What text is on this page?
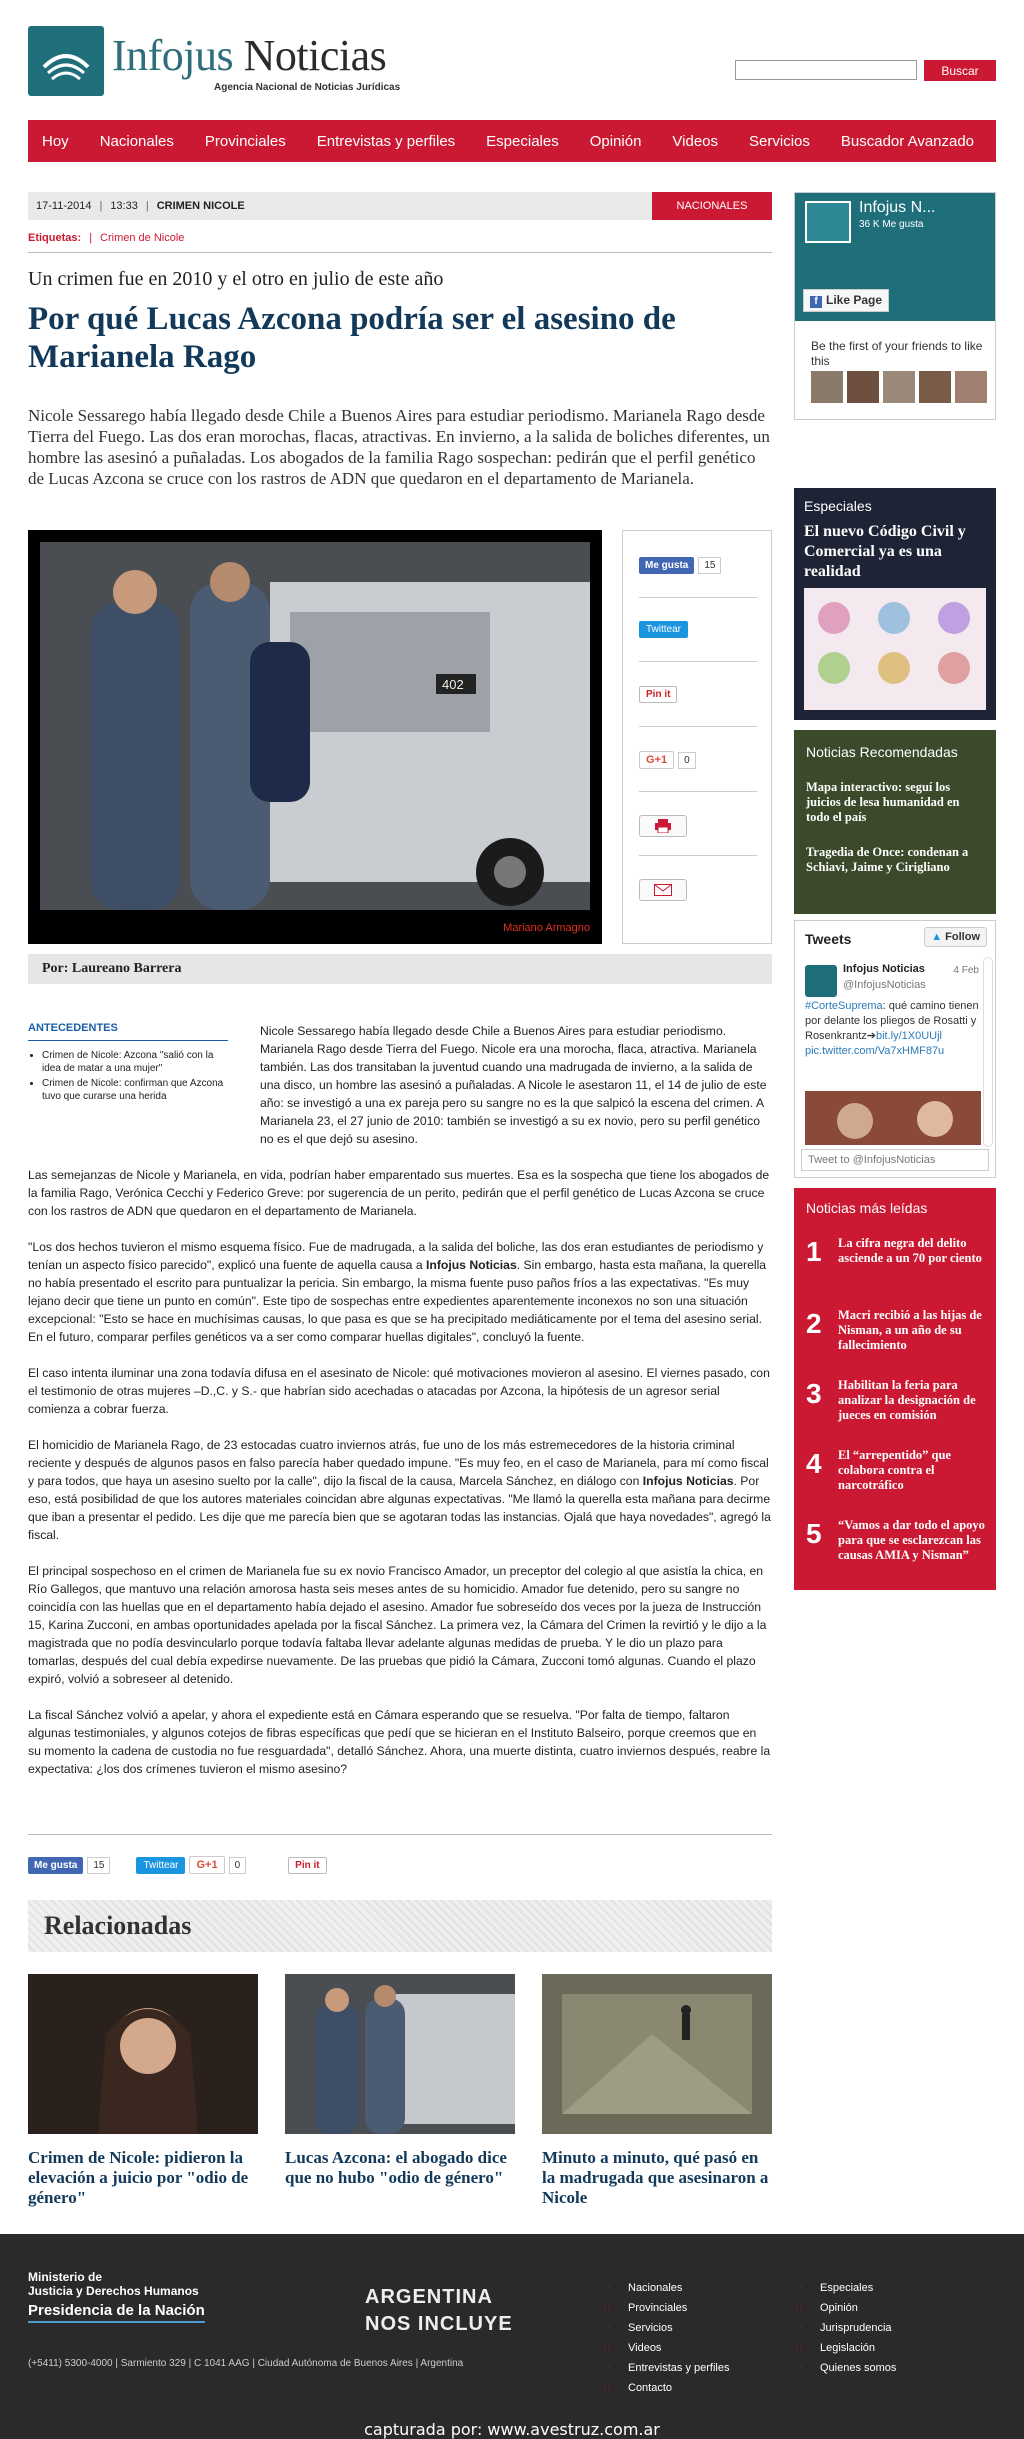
Infojus Noticias
Agencia Nacional de Noticias Jurídicas
Buscar
Hoy Nacionales Provinciales Entrevistas y perfiles Especiales Opinión Videos Servicios Buscador Avanzado
17-11-2014 | 13:33 | CRIMEN NICOLE	NACIONALES
Etiquetas: | Crimen de Nicole
Un crimen fue en 2010 y el otro en julio de este año
Por qué Lucas Azcona podría ser el asesino de Marianela Rago

Nicole Sessarego había llegado desde Chile a Buenos Aires para estudiar periodismo. Marianela Rago desde Tierra del Fuego. Las dos eran morochas, flacas, atractivas. En invierno, a la salida de boliches diferentes, un hombre las asesinó a puñaladas. Los abogados de la familia Rago sospechan: pedirán que el perfil genético de Lucas Azcona se cruce con los rastros de ADN que quedaron en el departamento de Marianela.

402
Mariano Armagno
Me gusta	15
Twittear
Pin it
G+1	0
Por: Laureano Barrera
ANTECEDENTES
• Crimen de Nicole: Azcona "salió con la idea de matar a una mujer"
• Crimen de Nicole: confirman que Azcona tuvo que curarse una herida

Nicole Sessarego había llegado desde Chile a Buenos Aires para estudiar periodismo. Marianela Rago desde Tierra del Fuego. Nicole era una morocha, flaca, atractiva. Marianela también. Las dos transitaban la juventud cuando una madrugada de invierno, a la salida de una disco, un hombre las asesinó a puñaladas. A Nicole le asestaron 11, el 14 de julio de este año: se investigó a una ex pareja pero su sangre no es la que salpicó la escena del crimen. A Marianela 23, el 27 junio de 2010: también se investigó a su ex novio, pero su perfil genético no es el que dejó su asesino.

Las semejanzas de Nicole y Marianela, en vida, podrían haber emparentado sus muertes. Esa es la sospecha que tiene los abogados de la familia Rago, Verónica Cecchi y Federico Greve: por sugerencia de un perito, pedirán que el perfil genético de Lucas Azcona se cruce con los rastros de ADN que quedaron en el departamento de Marianela.

"Los dos hechos tuvieron el mismo esquema físico. Fue de madrugada, a la salida del boliche, las dos eran estudiantes de periodismo y tenían un aspecto físico parecido", explicó una fuente de aquella causa a Infojus Noticias. Sin embargo, hasta esta mañana, la querella no había presentado el escrito para puntualizar la pericia. Sin embargo, la misma fuente puso paños fríos a las expectativas. "Es muy lejano decir que tiene un punto en común". Este tipo de sospechas entre expedientes aparentemente inconexos no son una situación excepcional: "Esto se hace en muchísimas causas, lo que pasa es que se ha precipitado mediáticamente por el tema del asesino serial. En el futuro, comparar perfiles genéticos va a ser como comparar huellas digitales", concluyó la fuente.

El caso intenta iluminar una zona todavía difusa en el asesinato de Nicole: qué motivaciones movieron al asesino. El viernes pasado, con el testimonio de otras mujeres –D.,C. y S.- que habrían sido acechadas o atacadas por Azcona, la hipótesis de un agresor serial comienza a cobrar fuerza.

El homicidio de Marianela Rago, de 23 estocadas cuatro inviernos atrás, fue uno de los más estremecedores de la historia criminal reciente y después de algunos pasos en falso parecía haber quedado impune. "Es muy feo, en el caso de Marianela, para mí como fiscal y para todos, que haya un asesino suelto por la calle", dijo la fiscal de la causa, Marcela Sánchez, en diálogo con Infojus Noticias. Por eso, está posibilidad de que los autores materiales coincidan abre algunas expectativas. "Me llamó la querella esta mañana para decirme que iban a presentar el pedido. Les dije que me parecía bien que se agotaran todas las instancias. Ojalá que haya novedades", agregó la fiscal.

El principal sospechoso en el crimen de Marianela fue su ex novio Francisco Amador, un preceptor del colegio al que asistía la chica, en Río Gallegos, que mantuvo una relación amorosa hasta seis meses antes de su homicidio. Amador fue detenido, pero su sangre no coincidía con las huellas que en el departamento había dejado el asesino. Amador fue sobreseído dos veces por la jueza de Instrucción 15, Karina Zucconi, en ambas oportunidades apelada por la fiscal Sánchez. La primera vez, la Cámara del Crimen la revirtió y le dijo a la magistrada que no podía desvincularlo porque todavía faltaba llevar adelante algunas medidas de prueba. Y le dio un plazo para tomarlas, después del cual debía expedirse nuevamente. De las pruebas que pidió la Cámara, Zucconi tomó algunas. Cuando el plazo expiró, volvió a sobreseer al detenido.

La fiscal Sánchez volvió a apelar, y ahora el expediente está en Cámara esperando que se resuelva. "Por falta de tiempo, faltaron algunas testimoniales, y algunos cotejos de fibras específicas que pedí que se hicieran en el Instituto Balseiro, porque creemos que en su momento la cadena de custodia no fue resguardada", detalló Sánchez. Ahora, una muerte distinta, cuatro inviernos después, reabre la expectativa: ¿los dos crímenes tuvieron el mismo asesino?

Me gusta	15	Twittear	G+1	0	Pin it
Relacionadas
Crimen de Nicole: pidieron la elevación a juicio por "odio de género"
Lucas Azcona: el abogado dice que no hubo "odio de género"
Minuto a minuto, qué pasó en la madrugada que asesinaron a Nicole
Infojus N...
36 K Me gusta
f Like Page
Be the first of your friends to like this
Especiales
El nuevo Código Civil y Comercial ya es una realidad
Noticias Recomendadas
Mapa interactivo: seguí los juicios de lesa humanidad en todo el país
Tragedia de Once: condenan a Schiavi, Jaime y Cirigliano
Tweets	▲ Follow
Infojus Noticias
@InfojusNoticias
4 Feb
#CorteSuprema: qué camino tienen por delante los pliegos de Rosatti y Rosenkrantz➔bit.ly/1X0UUjl
pic.twitter.com/Va7xHMF87u
Tweet to @InfojusNoticias
Noticias más leídas
1	La cifra negra del delito asciende a un 70 por ciento
2	Macri recibió a las hijas de Nisman, a un año de su fallecimiento
3	Habilitan la feria para analizar la designación de jueces en comisión
4	El “arrepentido” que colabora contra el narcotráfico
5	“Vamos a dar todo el apoyo para que se esclarezcan las causas AMIA y Nisman”
Ministerio de
Justicia y Derechos Humanos
Presidencia de la Nación
ARGENTINA
NOS INCLUYE
(+5411) 5300-4000 | Sarmiento 329 | C 1041 AAG | Ciudad Autónoma de Buenos Aires | Argentina
::	Nacionales
::	Provinciales
::	Servicios
::	Videos
::	Entrevistas y perfiles
::	Contacto
::	Especiales
::	Opinión
::	Jurisprudencia
::	Legislación
::	Quienes somos
capturada por: www.avestruz.com.ar
